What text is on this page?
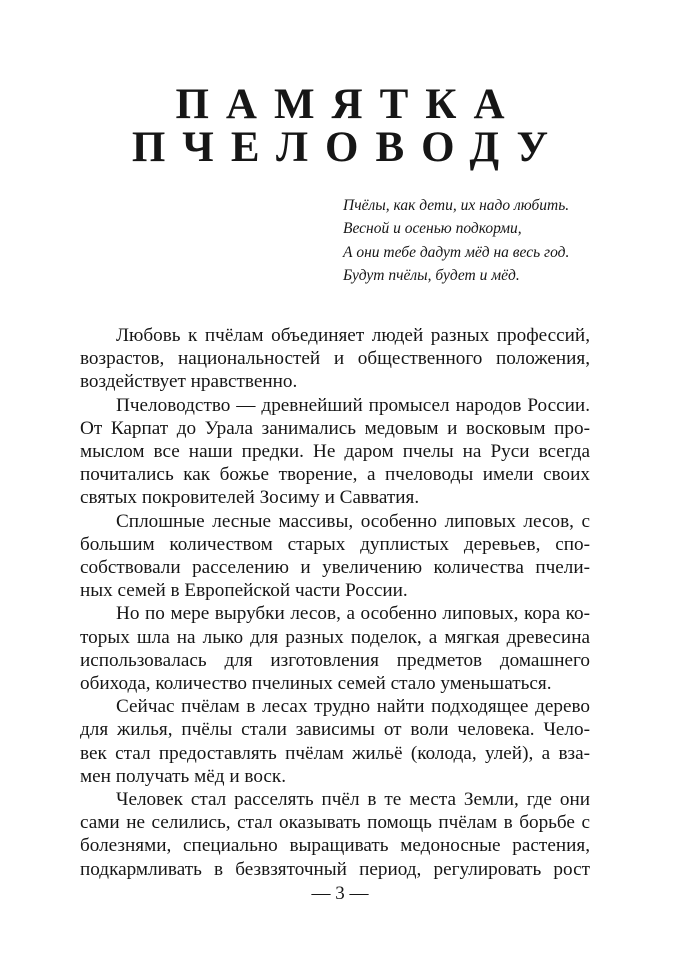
ПАМЯТКА
ПЧЕЛОВОДУ
Пчёлы, как дети, их надо любить.
Весной и осенью подкорми,
А они тебе дадут мёд на весь год.
Будут пчёлы, будет и мёд.

Любовь к пчёлам объединяет людей разных профессий,
возрастов, национальностей и общественного положения,
воздействует нравственно.

Пчеловодство — древнейший промысел народов России.
От Карпат до Урала занимались медовым и восковым про-
мыслом все наши предки. Не даром пчелы на Руси всегда
почитались как божье творение, а пчеловоды имели своих
святых покровителей Зосиму и Савватия.

Сплошные лесные массивы, особенно липовых лесов, с
большим количеством старых дуплистых деревьев, спо-
собствовали расселению и увеличению количества пчели-
ных семей в Европейской части России.

Но по мере вырубки лесов, а особенно липовых, кора ко-
торых шла на лыко для разных поделок, а мягкая древесина
использовалась для изготовления предметов домашнего
обихода, количество пчелиных семей стало уменьшаться.

Сейчас пчёлам в лесах трудно найти подходящее дерево
для жилья, пчёлы стали зависимы от воли человека. Чело-
век стал предоставлять пчёлам жильё (колода, улей), а взa-
мен получать мёд и воск.

Человек стал расселять пчёл в те места Земли, где они
сами не селились, стал оказывать помощь пчёлам в борьбе с
болезнями, специально выращивать медоносные растения,
подкармливать в безвзяточный период, регулировать рост

— 3 —
